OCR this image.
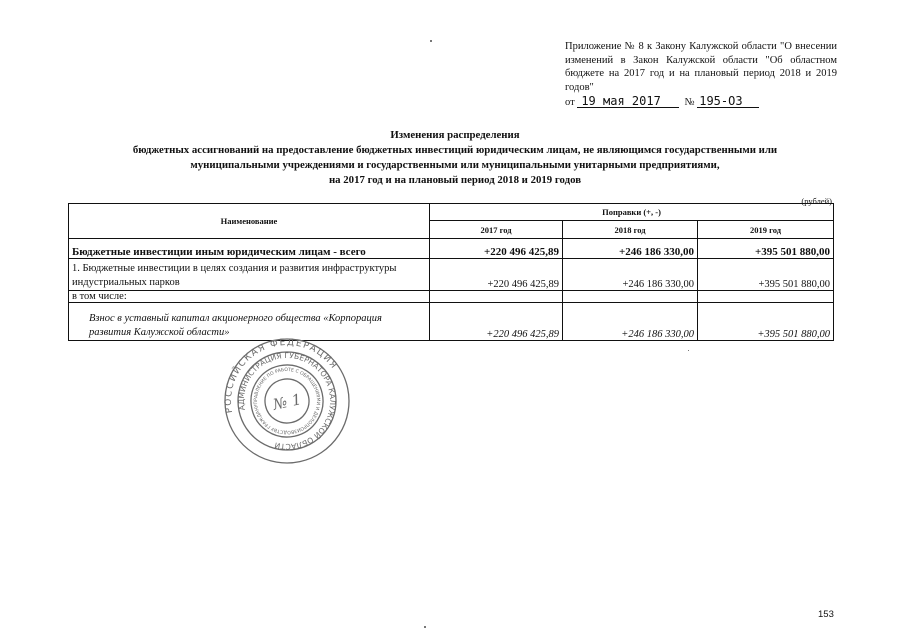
Приложение № 8 к Закону Калужской области "О внесении изменений в Закон Калужской области "Об областном бюджете на 2017 год и на плановый период 2018 и 2019 годов"
от 19 мая 2017 № 195-ОЗ
Изменения распределения
бюджетных ассигнований на предоставление бюджетных инвестиций юридическим лицам, не являющимся государственными или
муниципальными учреждениями и государственными или муниципальными унитарными предприятиями,
на 2017 год и на плановый период 2018 и 2019 годов
(рублей)
Наименование	Поправки (+, -)		
	2017 год	2018 год	2019 год
Бюджетные инвестиции иным юридическим лицам - всего	+220 496 425,89	+246 186 330,00	+395 501 880,00
1. Бюджетные инвестиции в целях создания и развития инфраструктуры индустриальных парков	+220 496 425,89	+246 186 330,00	+395 501 880,00
в том числе:			
Взнос в уставный капитал акционерного общества «Корпорация развития Калужской области»	+220 496 425,89	+246 186 330,00	+395 501 880,00
РОССИЙСКАЯ ФЕДЕРАЦИЯ
АДМИНИСТРАЦИЯ ГУБЕРНАТОРА КАЛУЖСКОЙ ОБЛАСТИ
УПРАВЛЕНИЕ ПО РАБОТЕ С ОБРАЩЕНИЯМИ И ДЕЛОПРОИЗВОДСТВУ ГРАЖДАН № 1
153
